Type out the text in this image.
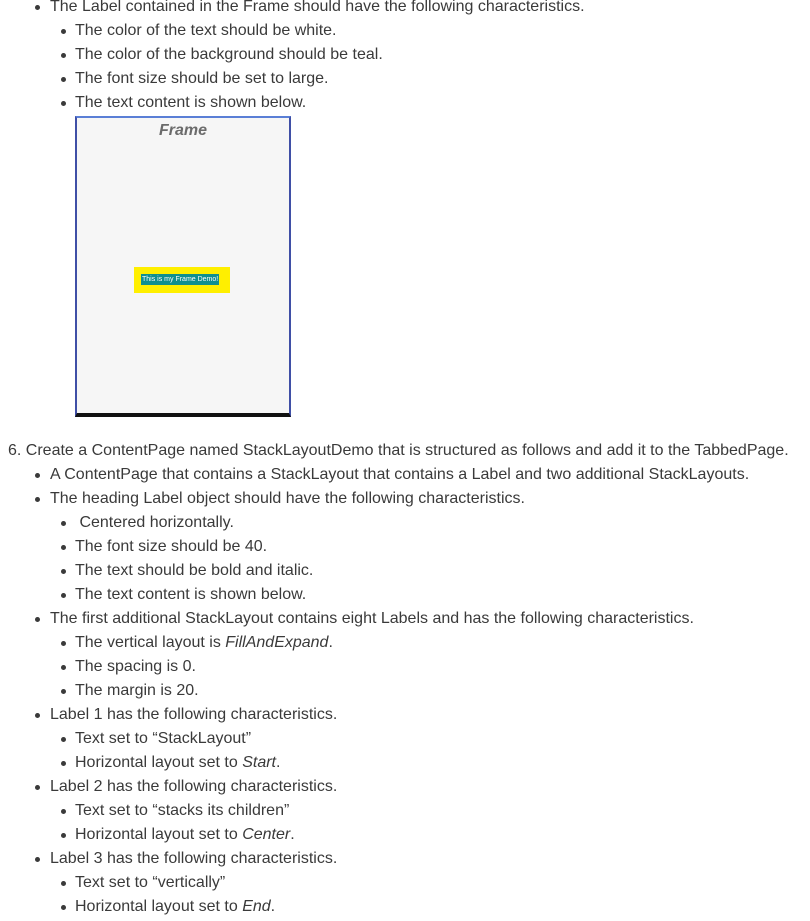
The Label contained in the Frame should have the following characteristics.
The color of the text should be white.
The color of the background should be teal.
The font size should be set to large.
The text content is shown below.
Frame
This is my Frame Demo!
6. Create a ContentPage named StackLayoutDemo that is structured as follows and add it to the TabbedPage.
A ContentPage that contains a StackLayout that contains a Label and two additional StackLayouts.
The heading Label object should have the following characteristics.
Centered horizontally.
The font size should be 40.
The text should be bold and italic.
The text content is shown below.
The first additional StackLayout contains eight Labels and has the following characteristics.
The vertical layout is FillAndExpand.
The spacing is 0.
The margin is 20.
Label 1 has the following characteristics.
Text set to “StackLayout”
Horizontal layout set to Start.
Label 2 has the following characteristics.
Text set to “stacks its children”
Horizontal layout set to Center.
Label 3 has the following characteristics.
Text set to “vertically”
Horizontal layout set to End.
